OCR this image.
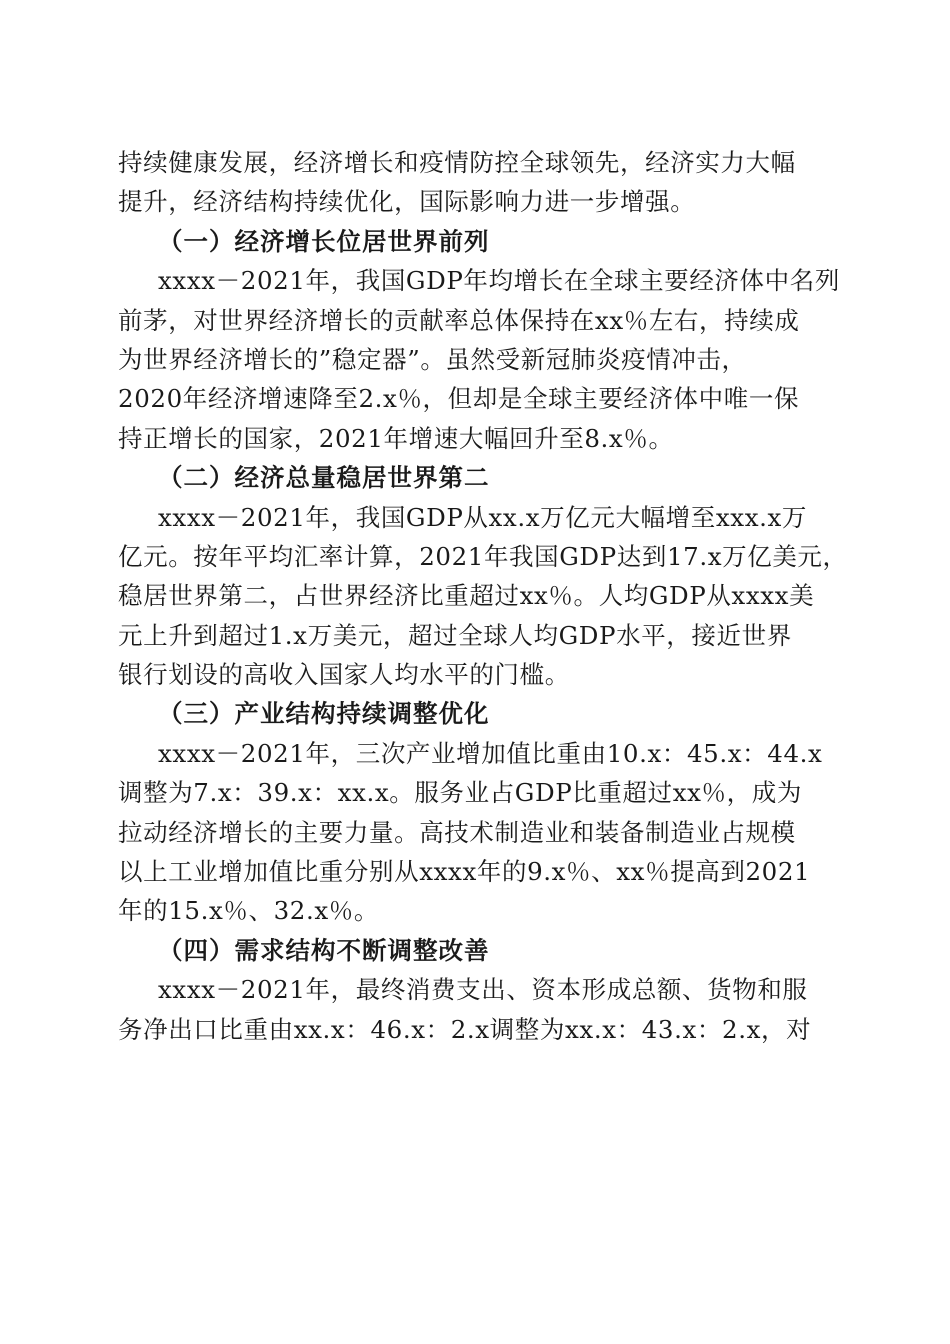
持续健康发展，经济增长和疫情防控全球领先，经济实力大幅
提升，经济结构持续优化，国际影响力进一步增强。
（一）经济增长位居世界前列
xxxx－2021年，我国GDP年均增长在全球主要经济体中名列
前茅，对世界经济增长的贡献率总体保持在xx％左右，持续成
为世界经济增长的”稳定器”。虽然受新冠肺炎疫情冲击，
2020年经济增速降至2.x％，但却是全球主要经济体中唯一保
持正增长的国家，2021年增速大幅回升至8.x％。
（二）经济总量稳居世界第二
xxxx－2021年，我国GDP从xx.x万亿元大幅增至xxx.x万
亿元。按年平均汇率计算，2021年我国GDP达到17.x万亿美元，
稳居世界第二，占世界经济比重超过xx％。人均GDP从xxxx美
元上升到超过1.x万美元，超过全球人均GDP水平，接近世界
银行划设的高收入国家人均水平的门槛。
（三）产业结构持续调整优化
xxxx－2021年，三次产业增加值比重由10.x：45.x：44.x
调整为7.x：39.x：xx.x。服务业占GDP比重超过xx％，成为
拉动经济增长的主要力量。高技术制造业和装备制造业占规模
以上工业增加值比重分别从xxxx年的9.x％、xx％提高到2021
年的15.x％、32.x％。
（四）需求结构不断调整改善
xxxx－2021年，最终消费支出、资本形成总额、货物和服
务净出口比重由xx.x：46.x：2.x调整为xx.x：43.x：2.x，对
